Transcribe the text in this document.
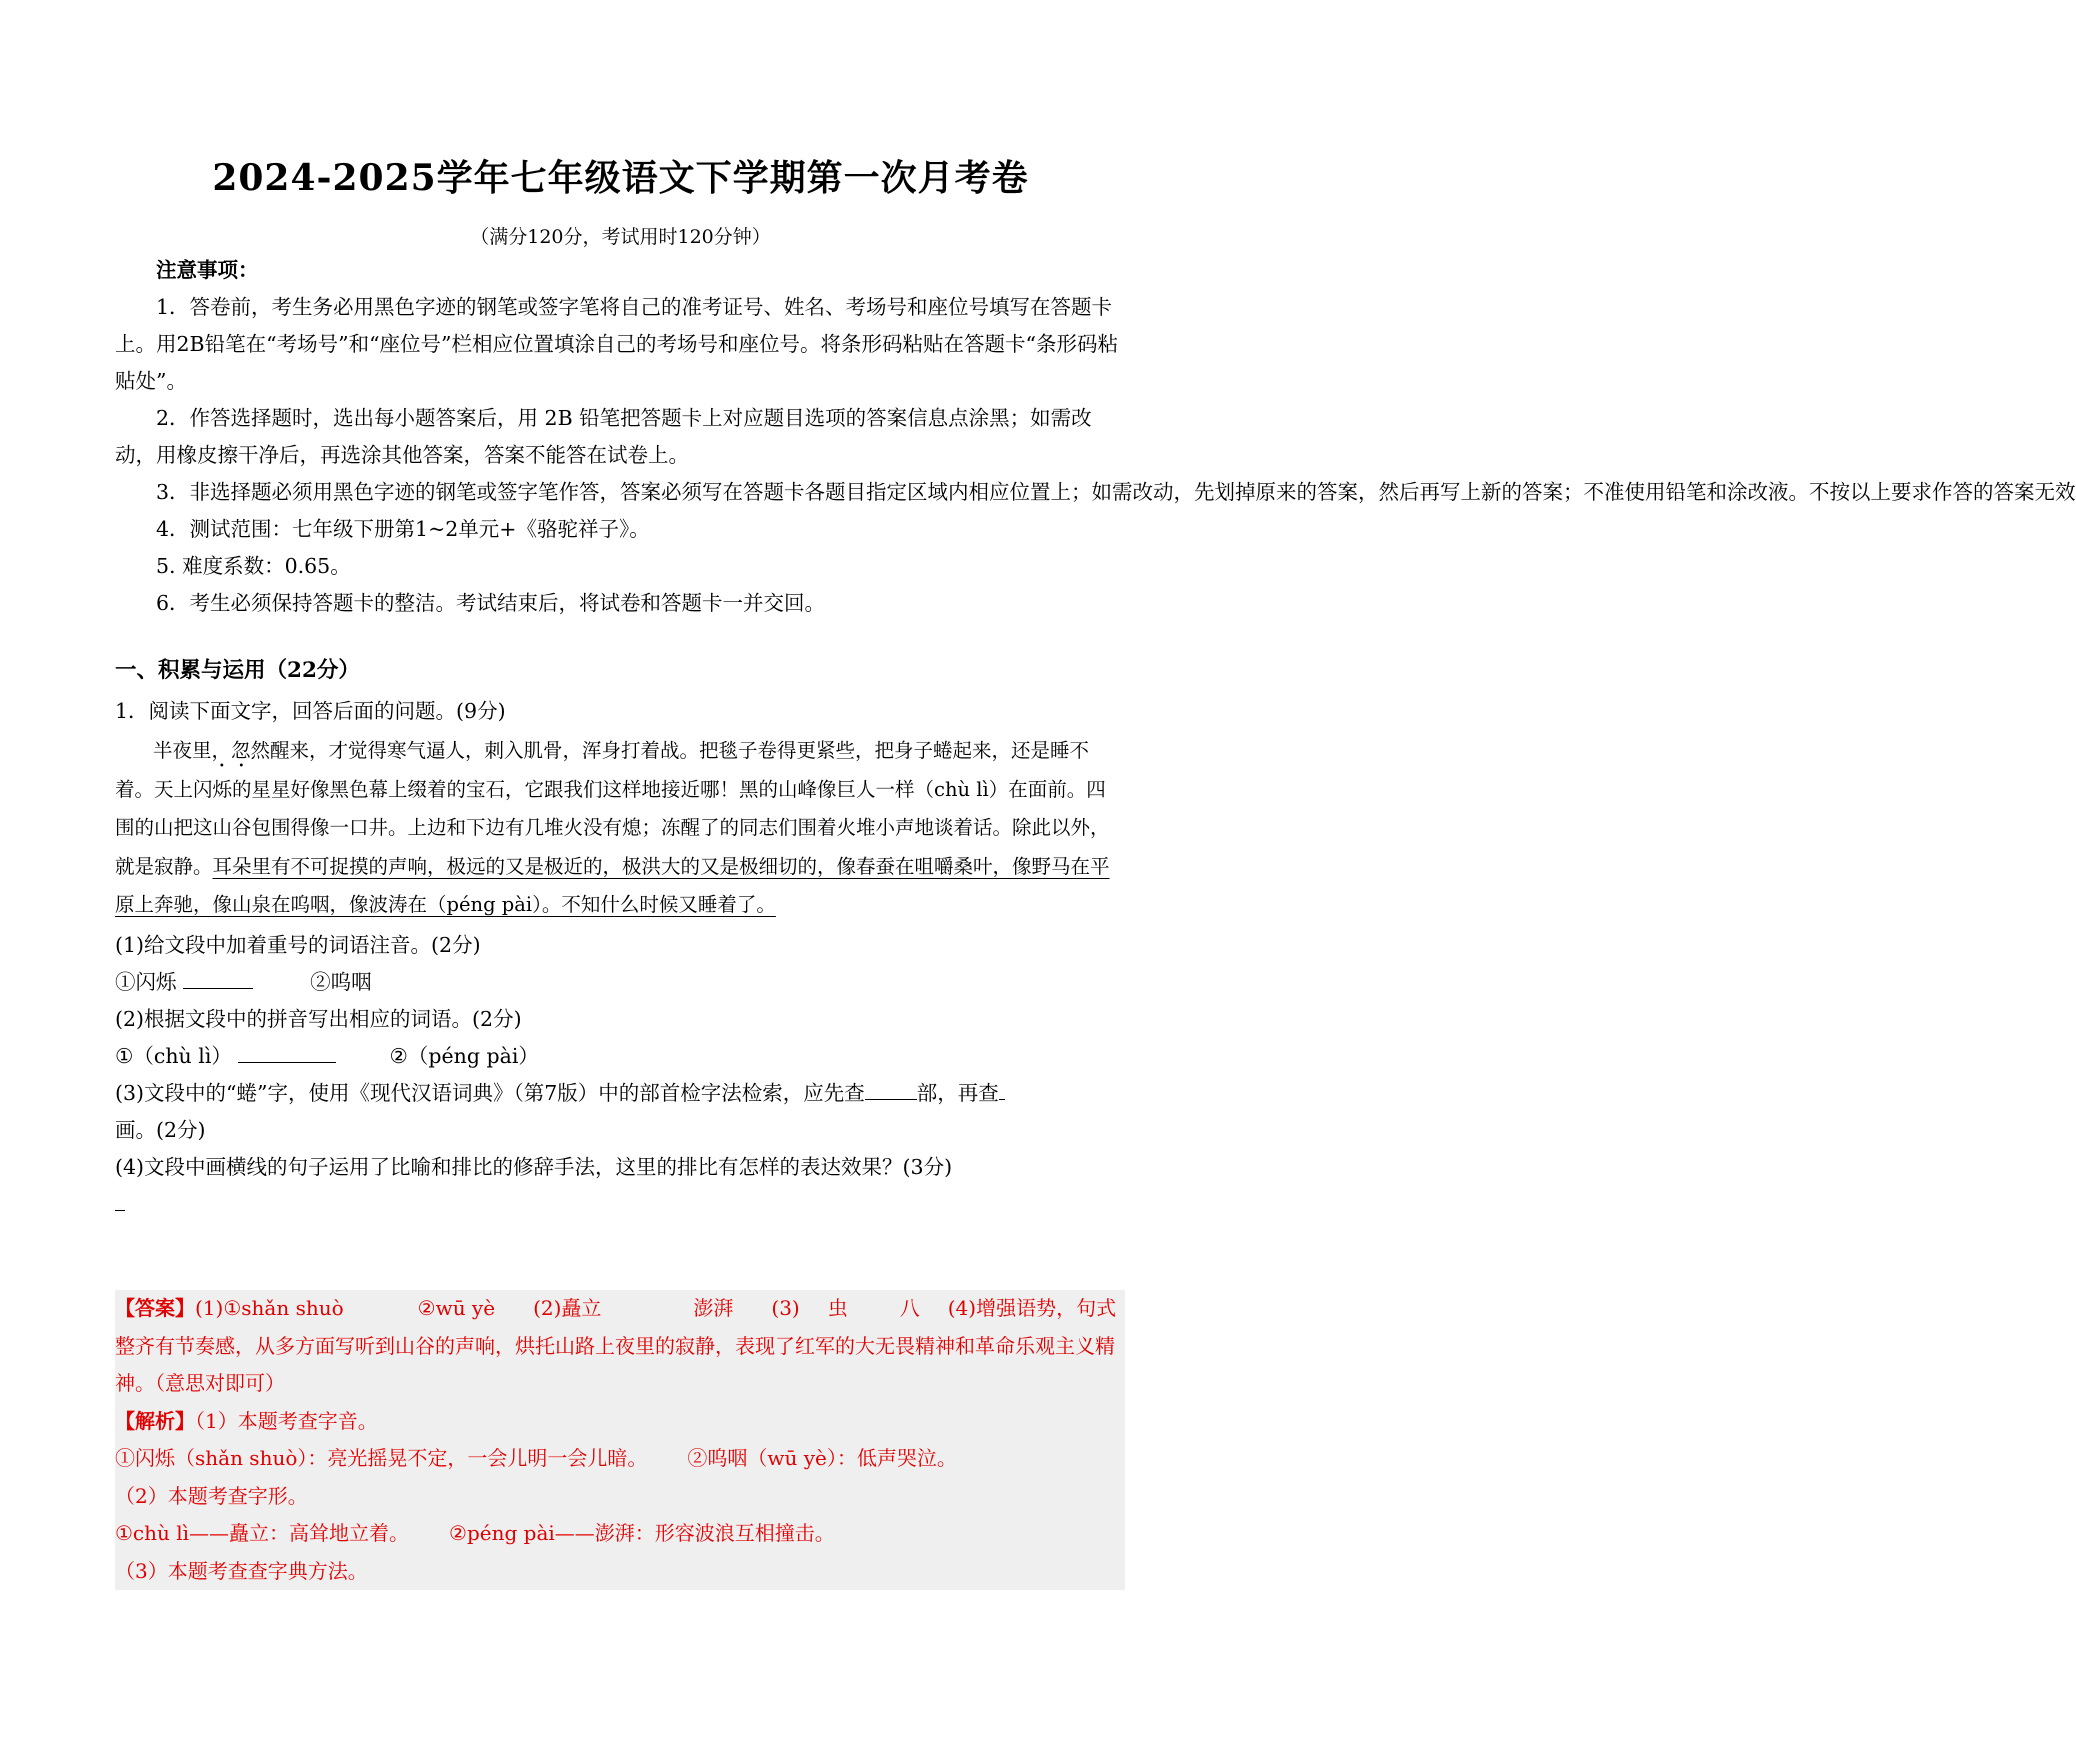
2024-2025学年七年级语文下学期第一次月考卷
（满分120分，考试用时120分钟）

注意事项：

1．答卷前，考生务必用黑色字迹的钢笔或签字笔将自己的准考证号、姓名、考场号和座位号填写在答题卡上。用2B铅笔在“考场号”和“座位号”栏相应位置填涂自己的考场号和座位号。将条形码粘贴在答题卡“条形码粘贴处”。

2．作答选择题时，选出每小题答案后，用 2B 铅笔把答题卡上对应题目选项的答案信息点涂黑；如需改动，用橡皮擦干净后，再选涂其他答案，答案不能答在试卷上。

3．非选择题必须用黑色字迹的钢笔或签字笔作答，答案必须写在答题卡各题目指定区域内相应位置上；如需改动，先划掉原来的答案，然后再写上新的答案；不准使用铅笔和涂改液。不按以上要求作答的答案无效

4．测试范围：七年级下册第1~2单元+《骆驼祥子》。

5. 难度系数：0.65。

6．考生必须保持答题卡的整洁。考试结束后，将试卷和答题卡一并交回。

一、积累与运用（22分）

1．阅读下面文字，回答后面的问题。(9分)

半夜里，忽然醒来，才觉得寒气逼人，刺入肌骨，浑身打着战。把毯子卷得更紧些，把身子蜷起来，还是睡不着。天上闪烁的星星好像黑色幕上缀着的宝石，它跟我们这样地接近哪！黑的山峰像巨人一样（chù lì）在面前。四围的山把这山谷包围得像一口井。上边和下边有几堆火没有熄；冻醒了的同志们围着火堆小声地谈着话。除此以外，就是寂静。耳朵里有不可捉摸的声响，极远的又是极近的，极洪大的又是极细切的，像春蚕在咀嚼桑叶，像野马在平原上奔驰，像山泉在呜咽，像波涛在（péng pài）。不知什么时候又睡着了。

(1)给文段中加着重号的词语注音。(2分)

①闪烁	②呜咽

(2)根据文段中的拼音写出相应的词语。(2分)

①（chù lì）	②（péng pài）

(3)文段中的“蜷”字，使用《现代汉语词典》（第7版）中的部首检字法检索，应先查	部，再查
画。(2分)

(4)文段中画横线的句子运用了比喻和排比的修辞手法，这里的排比有怎样的表达效果？(3分)

【答案】(1)①shǎn shuò	②wū yè (2)矗立	澎湃 (3) 虫	八 (4)增强语势，句式整齐有节奏感，从多方面写听到山谷的声响，烘托山路上夜里的寂静，表现了红军的大无畏精神和革命乐观主义精神。（意思对即可）

【解析】（1）本题考查字音。

①闪烁（shǎn shuò）：亮光摇晃不定，一会儿明一会儿暗。 ②呜咽（wū yè）：低声哭泣。

（2）本题考查字形。

①chù lì——矗立：高耸地立着。 ②péng pài——澎湃：形容波浪互相撞击。

（3）本题考查查字典方法。
